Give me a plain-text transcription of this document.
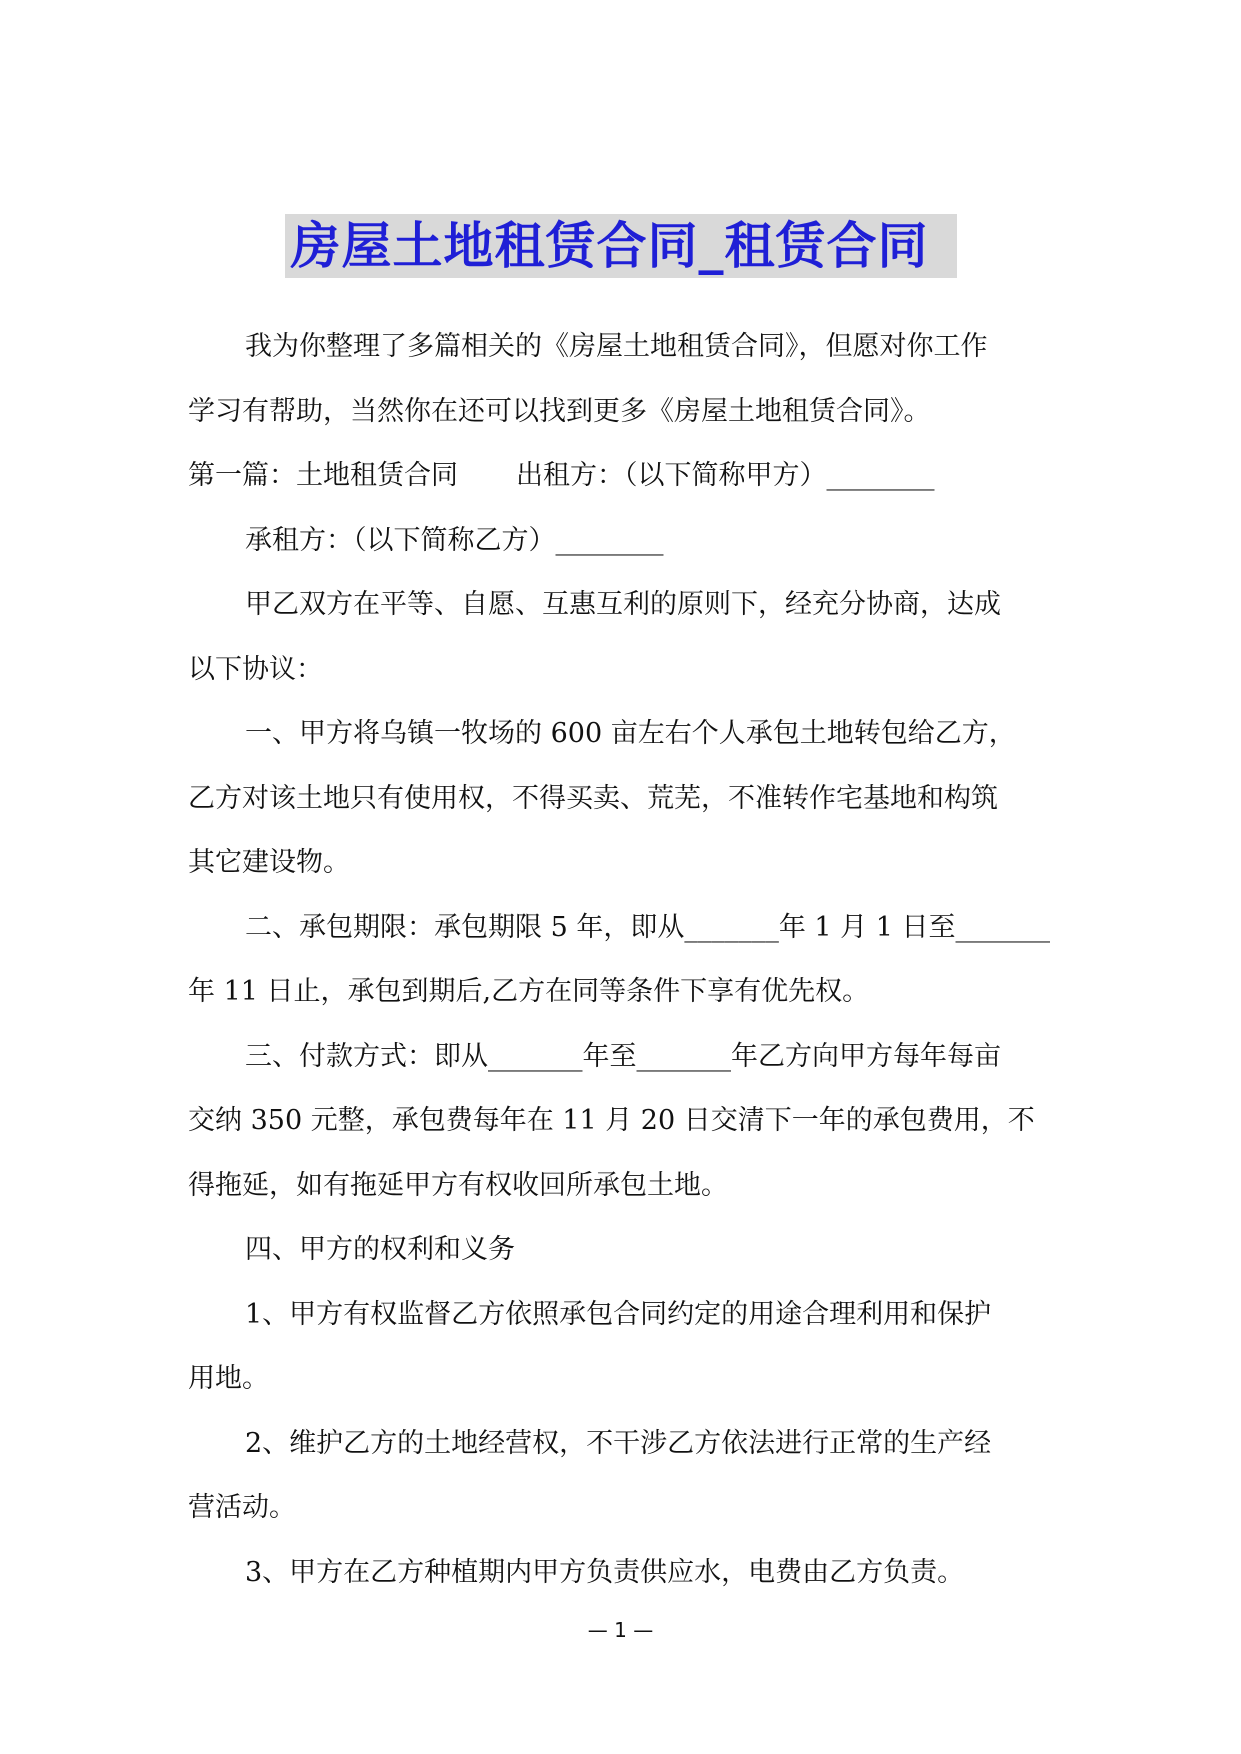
房屋土地租赁合同_租赁合同

我为你整理了多篇相关的《房屋土地租赁合同》，但愿对你工作

学习有帮助，当然你在还可以找到更多《房屋土地租赁合同》。

第一篇：土地租赁合同 出租方：（以下简称甲方）________

承租方：（以下简称乙方）________

甲乙双方在平等、自愿、互惠互利的原则下，经充分协商，达成

以下协议：

一、甲方将乌镇一牧场的 600 亩左右个人承包土地转包给乙方，

乙方对该土地只有使用权，不得买卖、荒芜，不准转作宅基地和构筑

其它建设物。

二、承包期限：承包期限 5 年，即从_______年 1 月 1 日至_______

年 11 日止，承包到期后,乙方在同等条件下享有优先权。

三、付款方式：即从_______年至_______年乙方向甲方每年每亩

交纳 350 元整，承包费每年在 11 月 20 日交清下一年的承包费用，不

得拖延，如有拖延甲方有权收回所承包土地。

四、甲方的权利和义务

1、甲方有权监督乙方依照承包合同约定的用途合理利用和保护

用地。

2、维护乙方的土地经营权，不干涉乙方依法进行正常的生产经

营活动。

3、甲方在乙方种植期内甲方负责供应水，电费由乙方负责。

— 1 —
